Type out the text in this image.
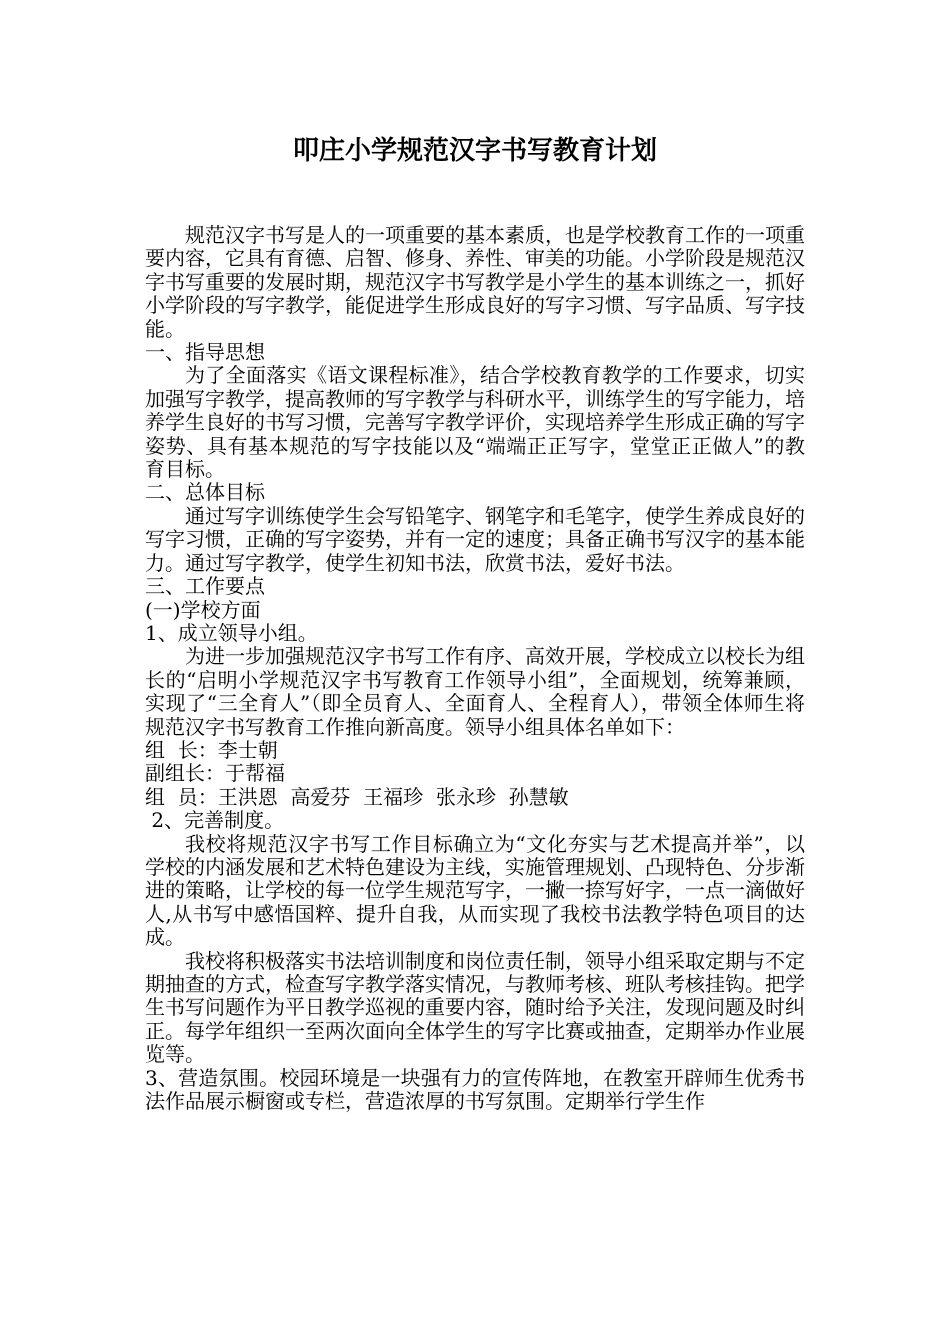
叩庄小学规范汉字书写教育计划

规范汉字书写是人的一项重要的基本素质，也是学校教育工作的一项重要内容，它具有育德、启智、修身、养性、审美的功能。小学阶段是规范汉字书写重要的发展时期，规范汉字书写教学是小学生的基本训练之一，抓好小学阶段的写字教学，能促进学生形成良好的写字习惯、写字品质、写字技能。

一、指导思想

为了全面落实《语文课程标准》，结合学校教育教学的工作要求，切实加强写字教学，提高教师的写字教学与科研水平，训练学生的写字能力，培养学生良好的书写习惯，完善写字教学评价，实现培养学生形成正确的写字姿势、具有基本规范的写字技能以及“端端正正写字，堂堂正正做人”的教育目标。

二、总体目标

通过写字训练使学生会写铅笔字、钢笔字和毛笔字，使学生养成良好的写字习惯，正确的写字姿势，并有一定的速度；具备正确书写汉字的基本能力。通过写字教学，使学生初知书法，欣赏书法，爱好书法。

三、工作要点

(一)学校方面

1、成立领导小组。

为进一步加强规范汉字书写工作有序、高效开展，学校成立以校长为组长的“启明小学规范汉字书写教育工作领导小组”，全面规划，统筹兼顾，实现了“三全育人”（即全员育人、全面育人、全程育人），带领全体师生将规范汉字书写教育工作推向新高度。领导小组具体名单如下：

组  长：李士朝

副组长：于帮福

组  员：王洪恩  高爱芬  王福珍  张永珍  孙慧敏

2、完善制度。

我校将规范汉字书写工作目标确立为“文化夯实与艺术提高并举”，以学校的内涵发展和艺术特色建设为主线，实施管理规划、凸现特色、分步渐进的策略，让学校的每一位学生规范写字，一撇一捺写好字，一点一滴做好人,从书写中感悟国粹、提升自我，从而实现了我校书法教学特色项目的达成。

我校将积极落实书法培训制度和岗位责任制，领导小组采取定期与不定期抽查的方式，检查写字教学落实情况，与教师考核、班队考核挂钩。把学生书写问题作为平日教学巡视的重要内容，随时给予关注，发现问题及时纠正。每学年组织一至两次面向全体学生的写字比赛或抽查，定期举办作业展览等。

3、营造氛围。校园环境是一块强有力的宣传阵地，在教室开辟师生优秀书法作品展示橱窗或专栏，营造浓厚的书写氛围。定期举行学生作
